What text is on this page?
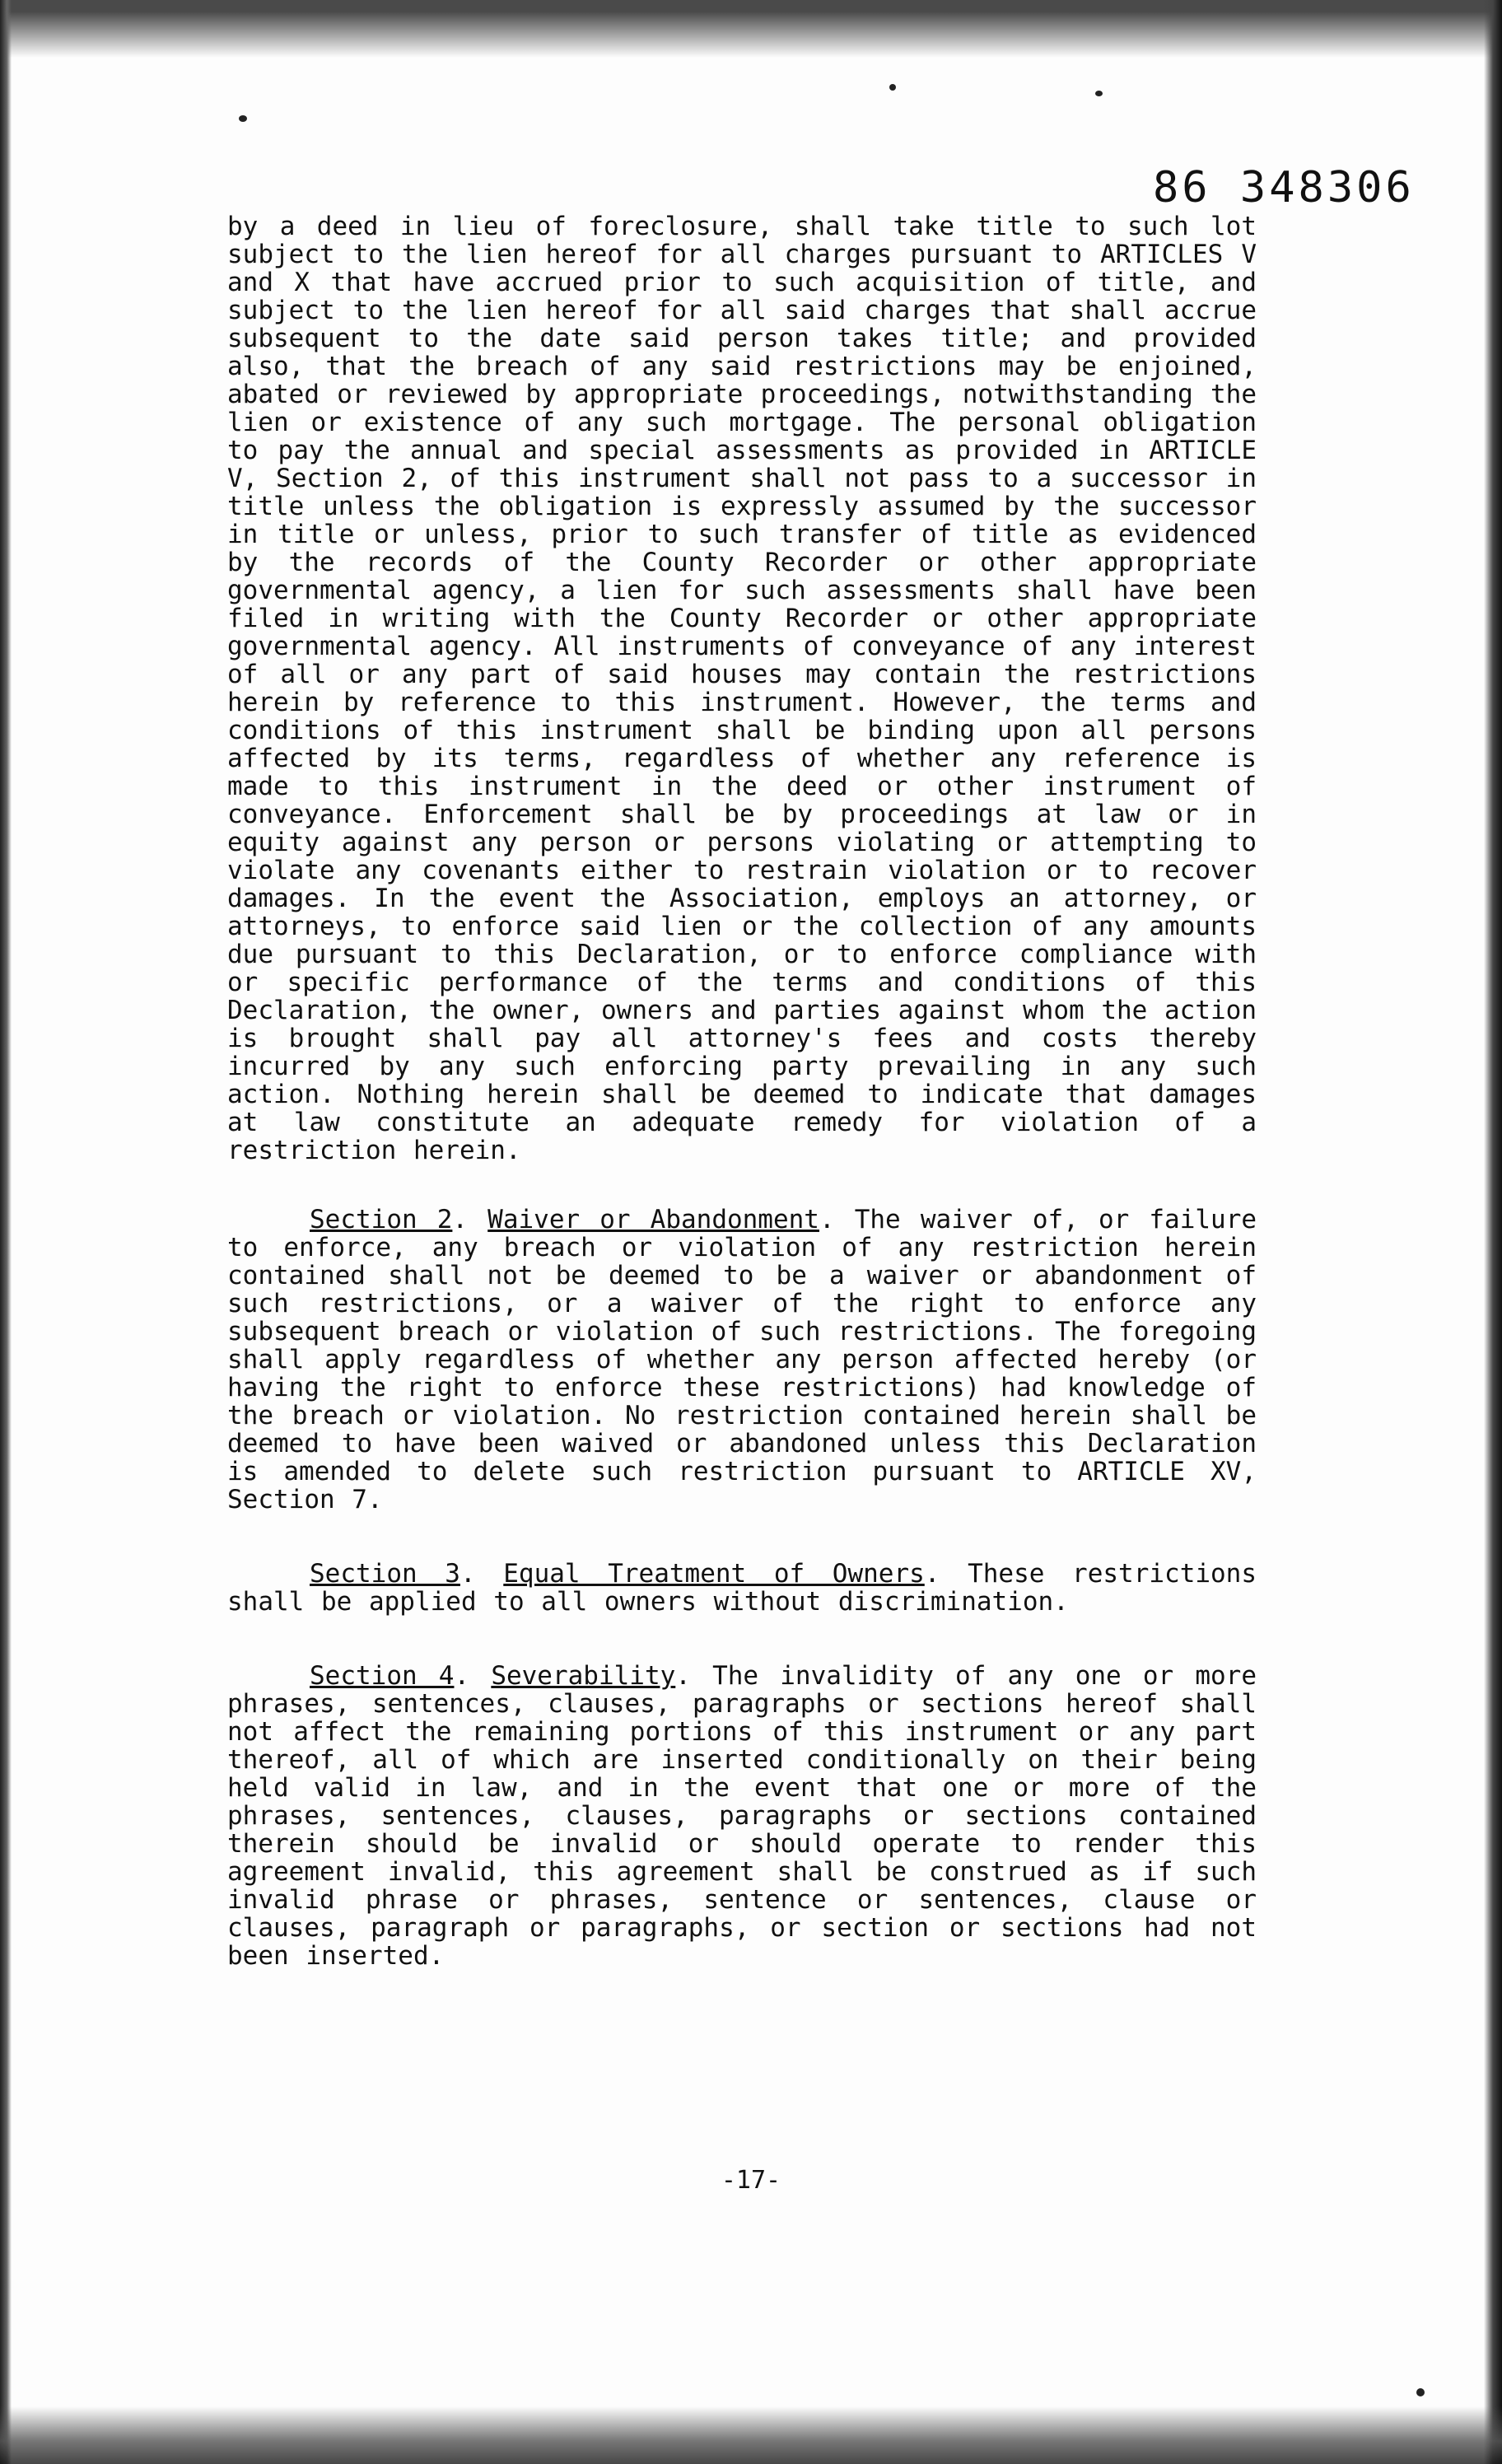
86 348306

by a deed in lieu of foreclosure, shall take title to such lot subject to the lien hereof for all charges pursuant to ARTICLES V and X that have accrued prior to such acquisition of title, and subject to the lien hereof for all said charges that shall accrue subsequent to the date said person takes title; and provided also, that the breach of any said restrictions may be enjoined, abated or reviewed by appropriate proceedings, notwithstanding the lien or existence of any such mortgage. The personal obligation to pay the annual and special assessments as provided in ARTICLE V, Section 2, of this instrument shall not pass to a successor in title unless the obligation is expressly assumed by the successor in title or unless, prior to such transfer of title as evidenced by the records of the County Recorder or other appropriate governmental agency, a lien for such assessments shall have been filed in writing with the County Recorder or other appropriate governmental agency. All instruments of conveyance of any interest of all or any part of said houses may contain the restrictions herein by reference to this instrument. However, the terms and conditions of this instrument shall be binding upon all persons affected by its terms, regardless of whether any reference is made to this instrument in the deed or other instrument of conveyance. Enforcement shall be by proceedings at law or in equity against any person or persons violating or attempting to violate any covenants either to restrain violation or to recover damages. In the event the Association, employs an attorney, or attorneys, to enforce said lien or the collection of any amounts due pursuant to this Declaration, or to enforce compliance with or specific performance of the terms and conditions of this Declaration, the owner, owners and parties against whom the action is brought shall pay all attorney's fees and costs thereby incurred by any such enforcing party prevailing in any such action. Nothing herein shall be deemed to indicate that damages at law constitute an adequate remedy for violation of a restriction herein.

Section 2. Waiver or Abandonment. The waiver of, or failure to enforce, any breach or violation of any restriction herein contained shall not be deemed to be a waiver or abandonment of such restrictions, or a waiver of the right to enforce any subsequent breach or violation of such restrictions. The foregoing shall apply regardless of whether any person affected hereby (or having the right to enforce these restrictions) had knowledge of the breach or violation. No restriction contained herein shall be deemed to have been waived or abandoned unless this Declaration is amended to delete such restriction pursuant to ARTICLE XV, Section 7.

Section 3. Equal Treatment of Owners. These restrictions shall be applied to all owners without discrimination.

Section 4. Severability. The invalidity of any one or more phrases, sentences, clauses, paragraphs or sections hereof shall not affect the remaining portions of this instrument or any part thereof, all of which are inserted conditionally on their being held valid in law, and in the event that one or more of the phrases, sentences, clauses, paragraphs or sections contained therein should be invalid or should operate to render this agreement invalid, this agreement shall be construed as if such invalid phrase or phrases, sentence or sentences, clause or clauses, paragraph or paragraphs, or section or sections had not been inserted.

-17-
